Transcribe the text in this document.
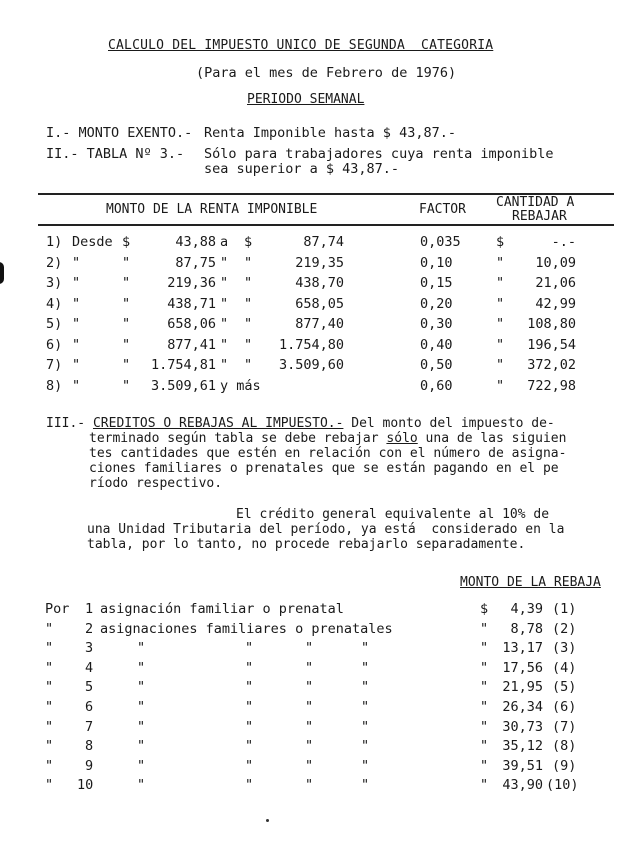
CALCULO DEL IMPUESTO UNICO DE SEGUNDA  CATEGORIA
(Para el mes de Febrero de 1976)
PERIODO SEMANAL
I.- MONTO EXENTO.- Renta Imponible hasta $ 43,87.-
II.- TABLA Nº 3.- Sólo para trabajadores cuya renta imponible
sea superior a $ 43,87.-
MONTO DE LA RENTA IMPONIBLE	FACTOR CANTIDAD A
REBAJAR
1) Desde $	43,88 a $	87,74	0,035	$	-.-
2) "	"	87,75 " "	219,35	0,10	"	10,09
3) "	"	219,36 " "	438,70	0,15	"	21,06
4) "	"	438,71 " "	658,05	0,20	"	42,99
5) "	"	658,06 " "	877,40	0,30	"	108,80
6) "	"	877,41 " "	1.754,80	0,40	"	196,54
7) "	"	1.754,81 " "	3.509,60	0,50	"	372,02
8) "	"	3.509,61 y más	0,60	"	722,98
III.- CREDITOS O REBAJAS AL IMPUESTO.- Del monto del impuesto de-
terminado según tabla se debe rebajar sólo una de las siguien
tes cantidades que estén en relación con el número de asigna-
ciones familiares o prenatales que se están pagando en el pe
ríodo respectivo.
El crédito general equivalente al 10% de
una Unidad Tributaria del período, ya está  considerado en la
tabla, por lo tanto, no procede rebajarlo separadamente.
MONTO DE LA REBAJA
Por 1 asignación familiar o prenatal	$	4,39 (1)
" 2 asignaciones familiares o prenatales	"	8,78 (2)
" 3	"	"	"	"	"	13,17 (3)
" 4	"	"	"	"	"	17,56 (4)
" 5	"	"	"	"	"	21,95 (5)
" 6	"	"	"	"	"	26,34 (6)
" 7	"	"	"	"	"	30,73 (7)
" 8	"	"	"	"	"	35,12 (8)
" 9	"	"	"	"	"	39,51 (9)
" 10	"	"	"	"	"	43,90 (10)
